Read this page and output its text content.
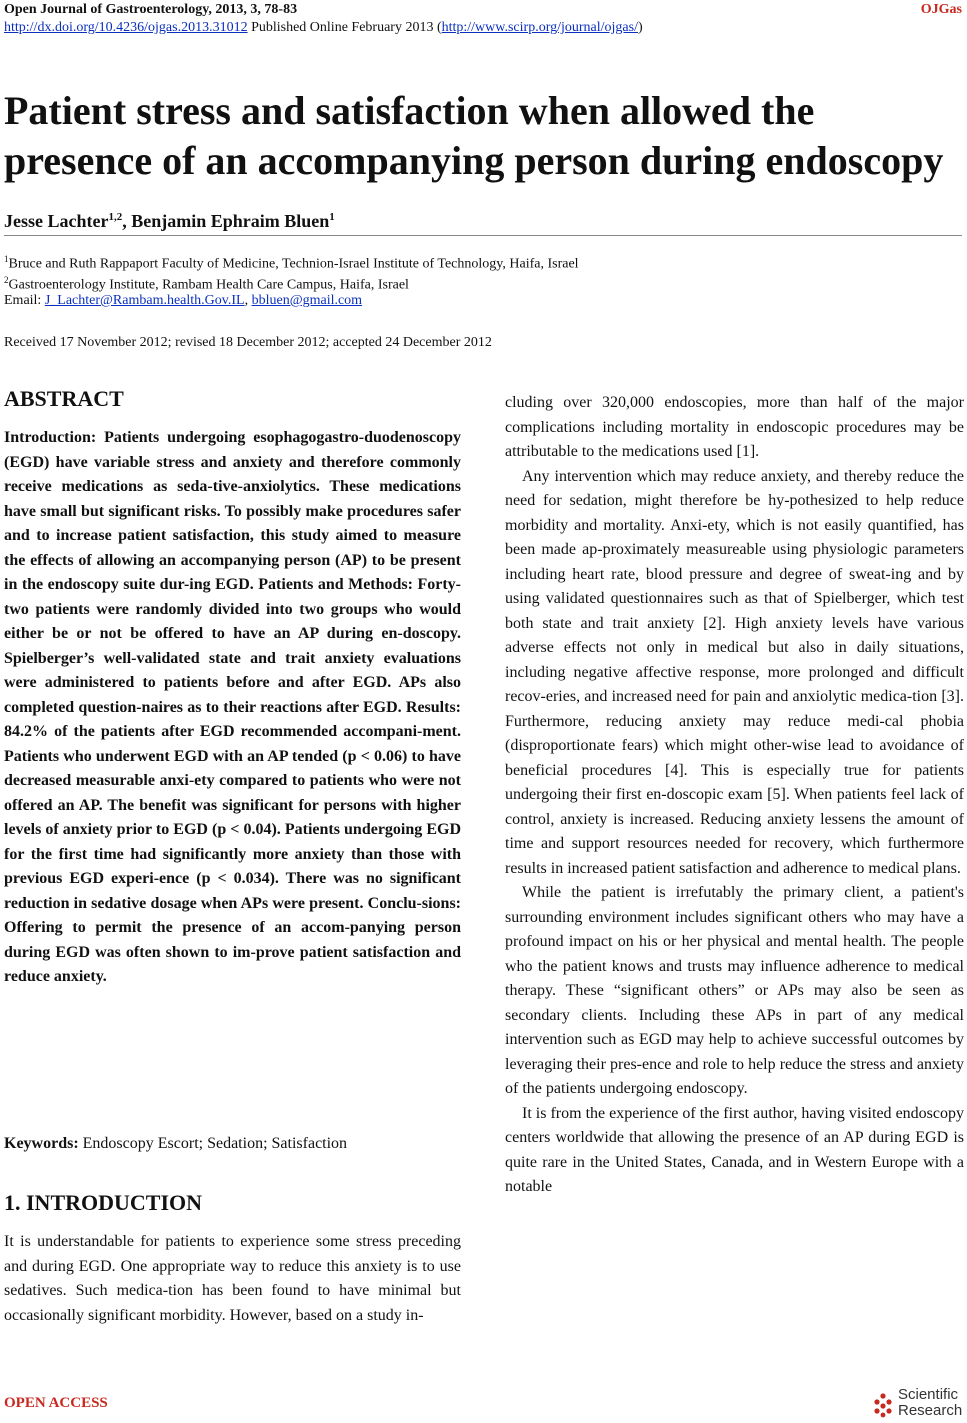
Open Journal of Gastroenterology, 2013, 3, 78-83	OJGas
http://dx.doi.org/10.4236/ojgas.2013.31012 Published Online February 2013 (http://www.scirp.org/journal/ojgas/)
Patient stress and satisfaction when allowed the presence of an accompanying person during endoscopy
Jesse Lachter$^{1,2}$, Benjamin Ephraim Bluen$^1$
$^1$Bruce and Ruth Rappaport Faculty of Medicine, Technion-Israel Institute of Technology, Haifa, Israel
$^2$Gastroenterology Institute, Rambam Health Care Campus, Haifa, Israel
Email: J_Lachter@Rambam.health.Gov.IL, bbluen@gmail.com
Received 17 November 2012; revised 18 December 2012; accepted 24 December 2012
ABSTRACT

Introduction: Patients undergoing esophagogastro-duodenoscopy (EGD) have variable stress and anxiety and therefore commonly receive medications as seda-tive-anxiolytics. These medications have small but significant risks. To possibly make procedures safer and to increase patient satisfaction, this study aimed to measure the effects of allowing an accompanying person (AP) to be present in the endoscopy suite dur-ing EGD. Patients and Methods: Forty-two patients were randomly divided into two groups who would either be or not be offered to have an AP during en-doscopy. Spielberger’s well-validated state and trait anxiety evaluations were administered to patients before and after EGD. APs also completed question-naires as to their reactions after EGD. Results: 84.2% of the patients after EGD recommended accompani-ment. Patients who underwent EGD with an AP tended (p < 0.06) to have decreased measurable anxi-ety compared to patients who were not offered an AP. The benefit was significant for persons with higher levels of anxiety prior to EGD (p < 0.04). Patients undergoing EGD for the first time had significantly more anxiety than those with previous EGD experi-ence (p < 0.034). There was no significant reduction in sedative dosage when APs were present. Conclu-sions: Offering to permit the presence of an accom-panying person during EGD was often shown to im-prove patient satisfaction and reduce anxiety.

Keywords: Endoscopy Escort; Sedation; Satisfaction
1. INTRODUCTION

It is understandable for patients to experience some stress preceding and during EGD. One appropriate way to reduce this anxiety is to use sedatives. Such medica-tion has been found to have minimal but occasionally significant morbidity. However, based on a study in-

cluding over 320,000 endoscopies, more than half of the major complications including mortality in endoscopic procedures may be attributable to the medications used [1].

Any intervention which may reduce anxiety, and thereby reduce the need for sedation, might therefore be hy-pothesized to help reduce morbidity and mortality. Anxi-ety, which is not easily quantified, has been made ap-proximately measureable using physiologic parameters including heart rate, blood pressure and degree of sweat-ing and by using validated questionnaires such as that of Spielberger, which test both state and trait anxiety [2]. High anxiety levels have various adverse effects not only in medical but also in daily situations, including negative affective response, more prolonged and difficult recov-eries, and increased need for pain and anxiolytic medica-tion [3]. Furthermore, reducing anxiety may reduce medi-cal phobia (disproportionate fears) which might other-wise lead to avoidance of beneficial procedures [4]. This is especially true for patients undergoing their first en-doscopic exam [5]. When patients feel lack of control, anxiety is increased. Reducing anxiety lessens the amount of time and support resources needed for recovery, which furthermore results in increased patient satisfaction and adherence to medical plans.

While the patient is irrefutably the primary client, a patient's surrounding environment includes significant others who may have a profound impact on his or her physical and mental health. The people who the patient knows and trusts may influence adherence to medical therapy. These “significant others” or APs may also be seen as secondary clients. Including these APs in part of any medical intervention such as EGD may help to achieve successful outcomes by leveraging their pres-ence and role to help reduce the stress and anxiety of the patients undergoing endoscopy.

It is from the experience of the first author, having visited endoscopy centers worldwide that allowing the presence of an AP during EGD is quite rare in the United States, Canada, and in Western Europe with a notable

OPEN ACCESS	Scientific
Research
